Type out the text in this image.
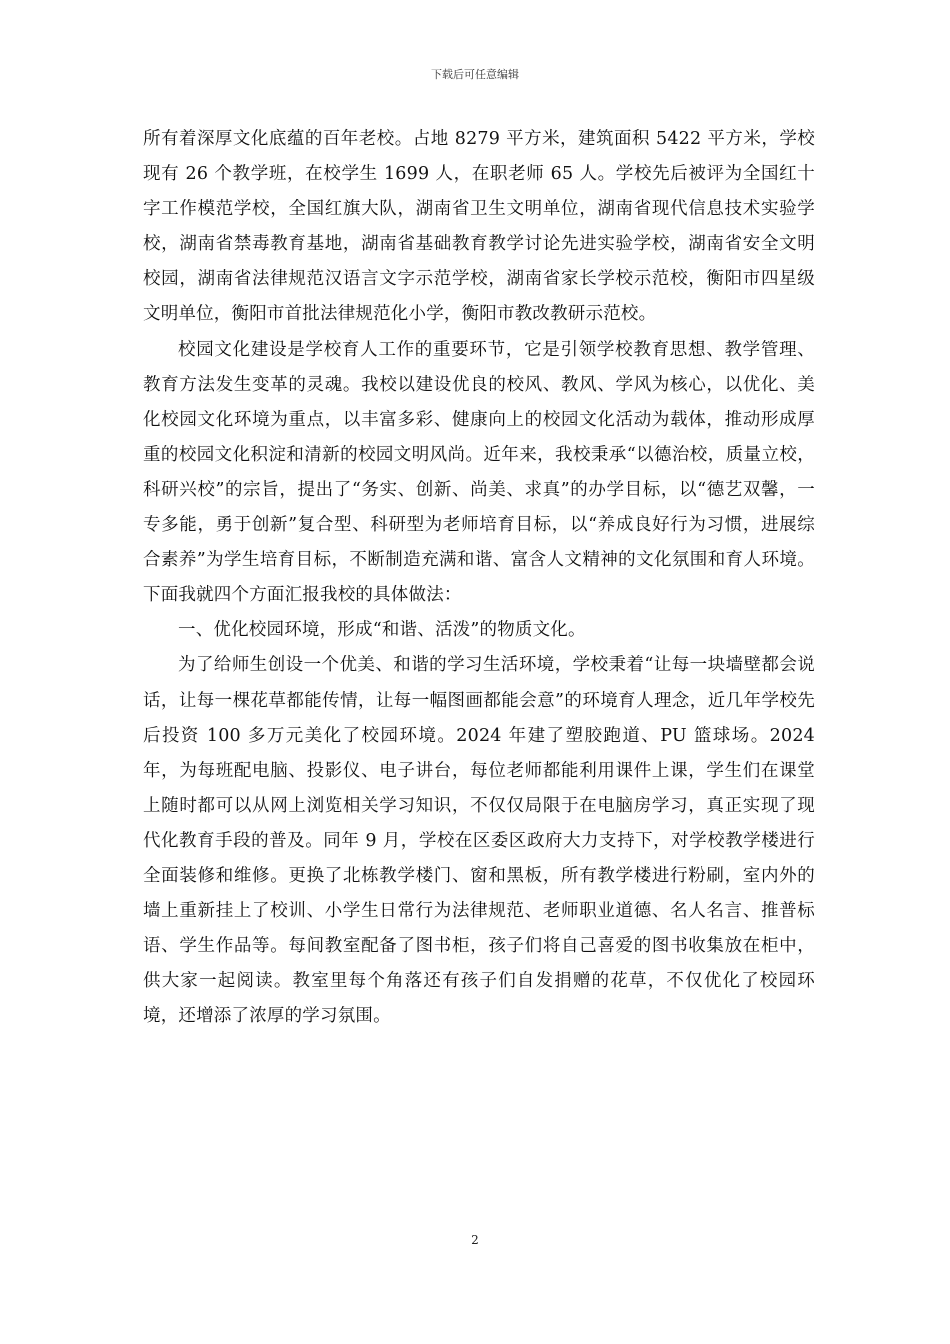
下载后可任意编辑

所有着深厚文化底蕴的百年老校。占地 8279 平方米，建筑面积 5422 平方米，学校现有 26 个教学班，在校学生 1699 人，在职老师 65 人。学校先后被评为全国红十字工作模范学校，全国红旗大队，湖南省卫生文明单位，湖南省现代信息技术实验学校，湖南省禁毒教育基地，湖南省基础教育教学讨论先进实验学校，湖南省安全文明校园，湖南省法律规范汉语言文字示范学校，湖南省家长学校示范校，衡阳市四星级文明单位，衡阳市首批法律规范化小学，衡阳市教改教研示范校。

校园文化建设是学校育人工作的重要环节，它是引领学校教育思想、教学管理、教育方法发生变革的灵魂。我校以建设优良的校风、教风、学风为核心，以优化、美化校园文化环境为重点，以丰富多彩、健康向上的校园文化活动为载体，推动形成厚重的校园文化积淀和清新的校园文明风尚。近年来，我校秉承“以德治校，质量立校，科研兴校”的宗旨，提出了“务实、创新、尚美、求真”的办学目标，以“德艺双馨，一专多能，勇于创新”复合型、科研型为老师培育目标，以“养成良好行为习惯，进展综合素养”为学生培育目标，不断制造充满和谐、富含人文精神的文化氛围和育人环境。下面我就四个方面汇报我校的具体做法：

一、优化校园环境，形成“和谐、活泼”的物质文化。

为了给师生创设一个优美、和谐的学习生活环境，学校秉着“让每一块墙壁都会说话，让每一棵花草都能传情，让每一幅图画都能会意”的环境育人理念，近几年学校先后投资 100 多万元美化了校园环境。2024 年建了塑胶跑道、PU 篮球场。2024 年，为每班配电脑、投影仪、电子讲台，每位老师都能利用课件上课，学生们在课堂上随时都可以从网上浏览相关学习知识，不仅仅局限于在电脑房学习，真正实现了现代化教育手段的普及。同年 9 月，学校在区委区政府大力支持下，对学校教学楼进行全面装修和维修。更换了北栋教学楼门、窗和黑板，所有教学楼进行粉刷，室内外的墙上重新挂上了校训、小学生日常行为法律规范、老师职业道德、名人名言、推普标语、学生作品等。每间教室配备了图书柜，孩子们将自己喜爱的图书收集放在柜中，供大家一起阅读。教室里每个角落还有孩子们自发捐赠的花草，不仅优化了校园环境，还增添了浓厚的学习氛围。

2
